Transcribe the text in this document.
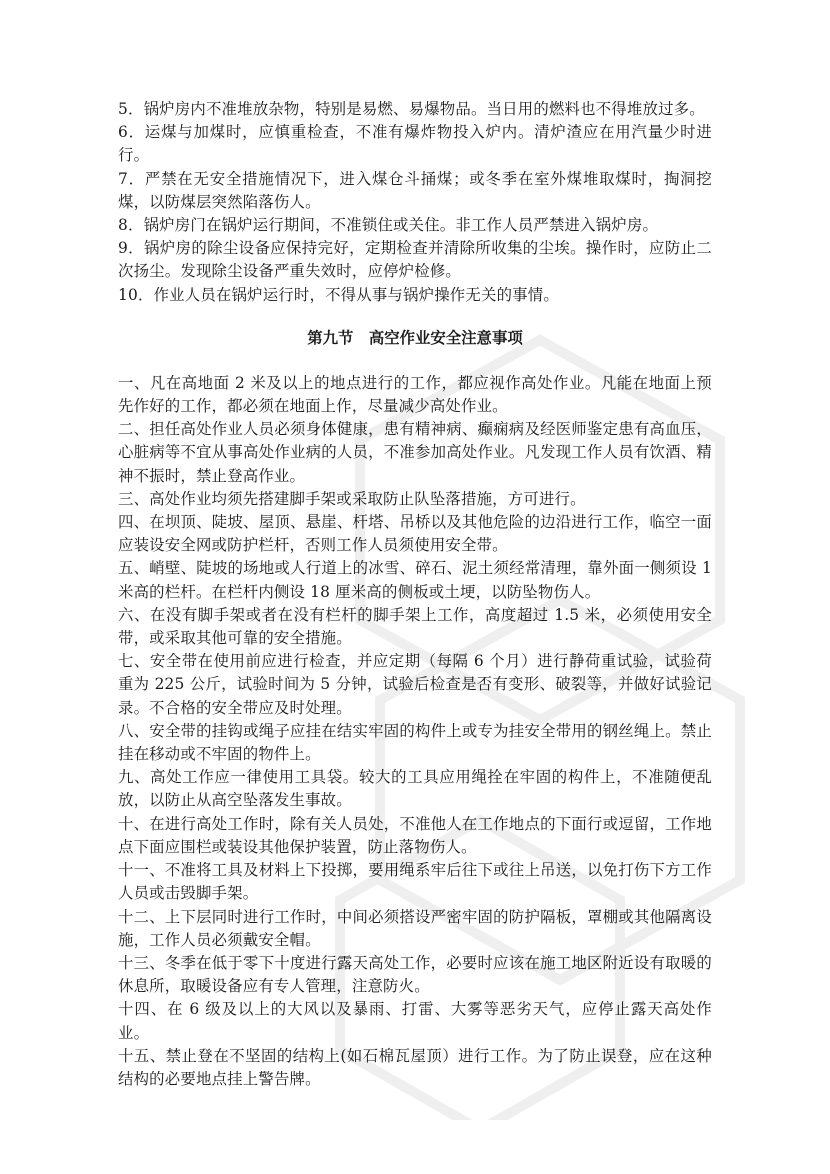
5．锅炉房内不准堆放杂物，特别是易燃、易爆物品。当日用的燃料也不得堆放过多。

6．运煤与加煤时，应慎重检查，不准有爆炸物投入炉内。清炉渣应在用汽量少时进行。

7．严禁在无安全措施情况下，进入煤仓斗捅煤；或冬季在室外煤堆取煤时，掏洞挖煤，以防煤层突然陷落伤人。

8．锅炉房门在锅炉运行期间，不准锁住或关住。非工作人员严禁进入锅炉房。

9．锅炉房的除尘设备应保持完好，定期检查并清除所收集的尘埃。操作时，应防止二次扬尘。发现除尘设备严重失效时，应停炉检修。

10．作业人员在锅炉运行时，不得从事与锅炉操作无关的事情。

第九节　高空作业安全注意事项

一、凡在高地面 2 米及以上的地点进行的工作，都应视作高处作业。凡能在地面上预先作好的工作，都必须在地面上作，尽量减少高处作业。

二、担任高处作业人员必须身体健康，患有精神病、癫痫病及经医师鉴定患有高血压，心脏病等不宜从事高处作业病的人员，不准参加高处作业。凡发现工作人员有饮酒、精神不振时，禁止登高作业。

三、高处作业均须先搭建脚手架或采取防止队坠落措施，方可进行。

四、在坝顶、陡坡、屋顶、悬崖、杆塔、吊桥以及其他危险的边沿进行工作，临空一面应装设安全网或防护栏杆，否则工作人员须使用安全带。

五、峭壁、陡坡的场地或人行道上的冰雪、碎石、泥土须经常清理，靠外面一侧须设 1 米高的栏杆。在栏杆内侧设 18 厘米高的侧板或土埂，以防坠物伤人。

六、在没有脚手架或者在没有栏杆的脚手架上工作，高度超过 1.5 米，必须使用安全带，或采取其他可靠的安全措施。

七、安全带在使用前应进行检查，并应定期（每隔 6 个月）进行静荷重试验，试验荷重为 225 公斤，试验时间为 5 分钟，试验后检查是否有变形、破裂等，并做好试验记录。不合格的安全带应及时处理。

八、安全带的挂钩或绳子应挂在结实牢固的构件上或专为挂安全带用的钢丝绳上。禁止挂在移动或不牢固的物件上。

九、高处工作应一律使用工具袋。较大的工具应用绳拴在牢固的构件上，不准随便乱放，以防止从高空坠落发生事故。

十、在进行高处工作时，除有关人员处，不准他人在工作地点的下面行或逗留，工作地点下面应围栏或装设其他保护装置，防止落物伤人。

十一、不准将工具及材料上下投掷，要用绳系牢后往下或往上吊送，以免打伤下方工作人员或击毁脚手架。

十二、上下层同时进行工作时，中间必须搭设严密牢固的防护隔板，罩棚或其他隔离设施，工作人员必须戴安全帽。

十三、冬季在低于零下十度进行露天高处工作，必要时应该在施工地区附近设有取暖的休息所，取暖设备应有专人管理，注意防火。

十四、在 6 级及以上的大风以及暴雨、打雷、大雾等恶劣天气，应停止露天高处作业。

十五、禁止登在不坚固的结构上(如石棉瓦屋顶）进行工作。为了防止误登，应在这种结构的必要地点挂上警告牌。
